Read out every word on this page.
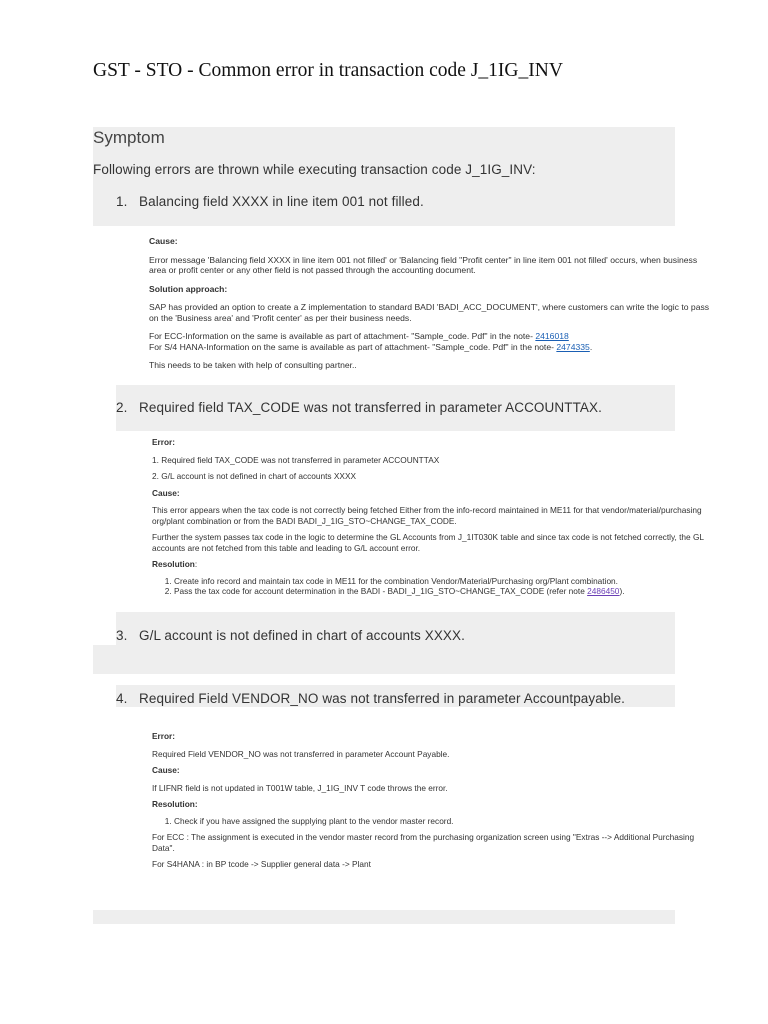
GST - STO - Common error in transaction code J_1IG_INV
Symptom
Following errors are thrown while executing transaction code J_1IG_INV:
1. Balancing field XXXX in line item 001 not filled.
2. Required field TAX_CODE was not transferred in parameter ACCOUNTTAX.
3. G/L account is not defined in chart of accounts XXXX.
4. Required Field VENDOR_NO was not transferred in parameter Accountpayable.

Cause:

Error message 'Balancing field XXXX in line item 001 not filled' or 'Balancing field "Profit center" in line item 001 not filled' occurs, when business area or profit center or any other field is not passed through the accounting document.

Solution approach:

SAP has provided an option to create a Z implementation to standard BADI 'BADI_ACC_DOCUMENT', where customers can write the logic to pass on the 'Business area' and 'Profit center' as per their business needs.

For ECC-Information on the same is available as part of attachment- "Sample_code. Pdf" in the note- 2416018

For S/4 HANA-Information on the same is available as part of attachment- "Sample_code. Pdf" in the note- 2474335.

This needs to be taken with help of consulting partner..

Error:

1. Required field TAX_CODE was not transferred in parameter ACCOUNTTAX

2. G/L account is not defined in chart of accounts XXXX

Cause:

This error appears when the tax code is not correctly being fetched Either from the info-record maintained in ME11 for that vendor/material/purchasing org/plant combination or from the BADI BADI_J_1IG_STO~CHANGE_TAX_CODE.

Further the system passes tax code in the logic to determine the GL Accounts from J_1IT030K table and since tax code is not fetched correctly, the GL accounts are not fetched from this table and leading to G/L account error.

Resolution:

1. Create info record and maintain tax code in ME11 for the combination Vendor/Material/Purchasing org/Plant combination.
2. Pass the tax code for account determination in the BADI - BADI_J_1IG_STO~CHANGE_TAX_CODE (refer note 2486450).

Error:

Required Field VENDOR_NO was not transferred in parameter Account Payable.

Cause:

If LIFNR field is not updated in T001W table, J_1IG_INV T code throws the error.

Resolution:

1. Check if you have assigned the supplying plant to the vendor master record.

For ECC : The assignment is executed in the vendor master record from the purchasing organization screen using "Extras --> Additional Purchasing Data".

For S4HANA : in BP tcode -> Supplier general data -> Plant
